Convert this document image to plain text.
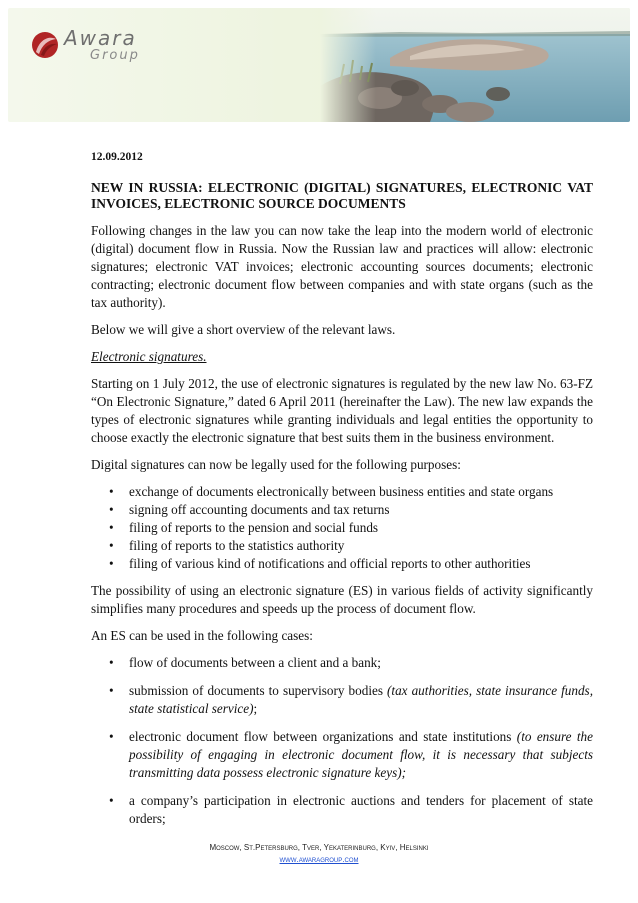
Awara
Group
12.09.2012
NEW IN RUSSIA: ELECTRONIC (DIGITAL) SIGNATURES, ELECTRONIC VAT INVOICES, ELECTRONIC SOURCE DOCUMENTS

Following changes in the law you can now take the leap into the modern world of electronic (digital) document flow in Russia. Now the Russian law and practices will allow: electronic signatures; electronic VAT invoices; electronic accounting sources documents; electronic contracting; electronic document flow between companies and with state organs (such as the tax authority).

Below we will give a short overview of the relevant laws.

Electronic signatures.

Starting on 1 July 2012, the use of electronic signatures is regulated by the new law No. 63-FZ “On Electronic Signature,” dated 6 April 2011 (hereinafter the Law). The new law expands the types of electronic signatures while granting individuals and legal entities the opportunity to choose exactly the electronic signature that best suits them in the business environment.

Digital signatures can now be legally used for the following purposes:

• exchange of documents electronically between business entities and state organs
• signing off accounting documents and tax returns
• filing of reports to the pension and social funds
• filing of reports to the statistics authority
• filing of various kind of notifications and official reports to other authorities

The possibility of using an electronic signature (ES) in various fields of activity significantly simplifies many procedures and speeds up the process of document flow.

An ES can be used in the following cases:

• flow of documents between a client and a bank;
• submission of documents to supervisory bodies (tax authorities, state insurance funds, state statistical service);
• electronic document flow between organizations and state institutions (to ensure the possibility of engaging in electronic document flow, it is necessary that subjects transmitting data possess electronic signature keys);
• a company’s participation in electronic auctions and tenders for placement of state orders;
Moscow, St.Petersburg, Tver, Yekaterinburg, Kyiv, Helsinki
www.awaragroup.com
